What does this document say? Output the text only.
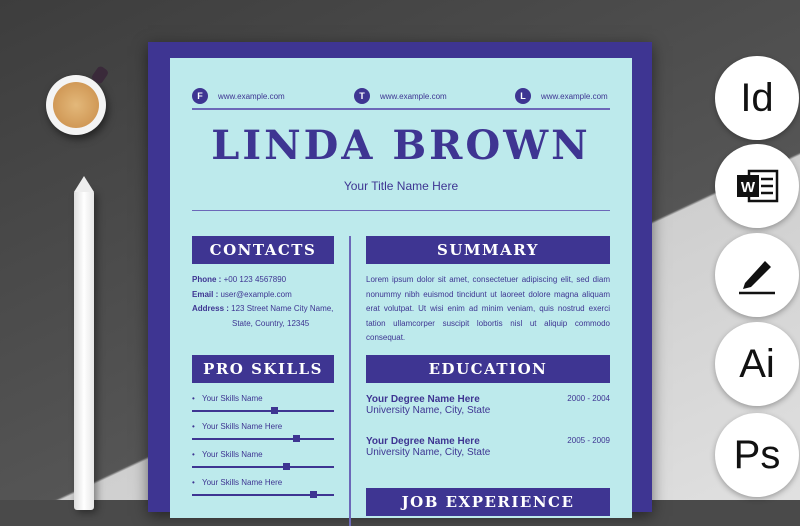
F	www.example.com	T	www.example.com	L	www.example.com
LINDA BROWN
Your Title Name Here
CONTACTS
Phone : +00 123 4567890
Email : user@example.com
Address : 123 Street Name City Name,
State, Country, 12345
SUMMARY
Lorem ipsum dolor sit amet, consectetuer adipiscing elit, sed diam nonummy nibh euismod tincidunt ut laoreet dolore magna aliquam erat volutpat. Ut wisi enim ad minim veniam, quis nostrud exerci tation ullamcorper suscipit lobortis nisl ut aliquip commodo consequat.
PRO SKILLS
• Your Skills Name
• Your Skills Name Here
• Your Skills Name
• Your Skills Name Here
EDUCATION
Your Degree Name Here
University Name, City, State
2000 - 2004
Your Degree Name Here
University Name, City, State
2005 - 2009
JOB EXPERIENCE
Id
W
Ai
Ps
